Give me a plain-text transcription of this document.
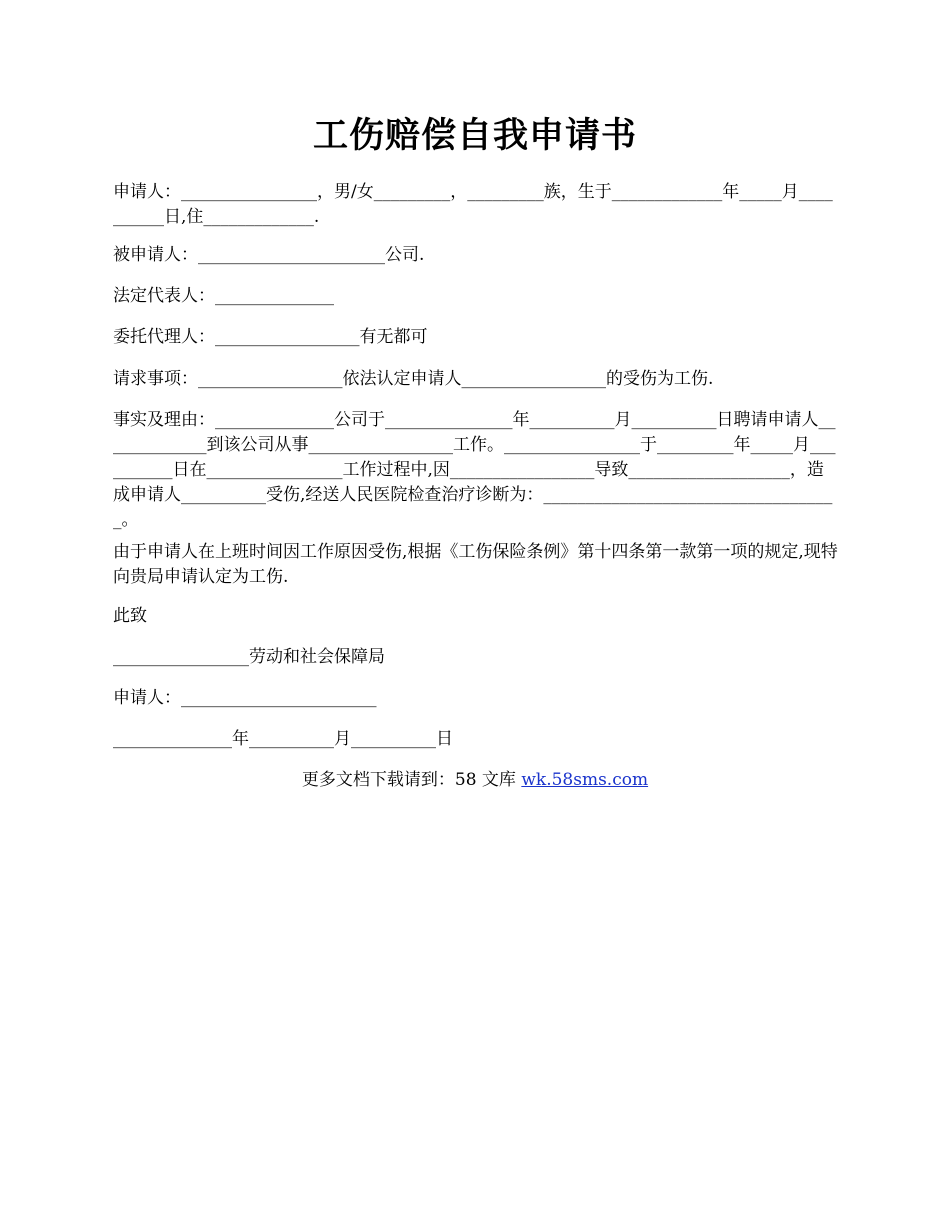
工伤赔偿自我申请书

申请人：________________，男/女_________，_________族，生于_____________年_____月__________日,住_____________.

被申请人：______________________公司.

法定代表人：______________

委托代理人：_________________有无都可

请求事项：_________________依法认定申请人_________________的受伤为工伤.

事实及理由：______________公司于_______________年__________月__________日聘请申请人_____________到该公司从事_________________工作。________________于_________年_____月__________日在________________工作过程中,因_________________导致___________________，造成申请人__________受伤,经送人民医院检查治疗诊断为：___________________________________。

由于申请人在上班时间因工作原因受伤,根据《工伤保险条例》第十四条第一款第一项的规定,现特向贵局申请认定为工伤.

此致

________________劳动和社会保障局

申请人：_______________________

______________年__________月__________日

更多文档下载请到：58 文库 wk.58sms.com
